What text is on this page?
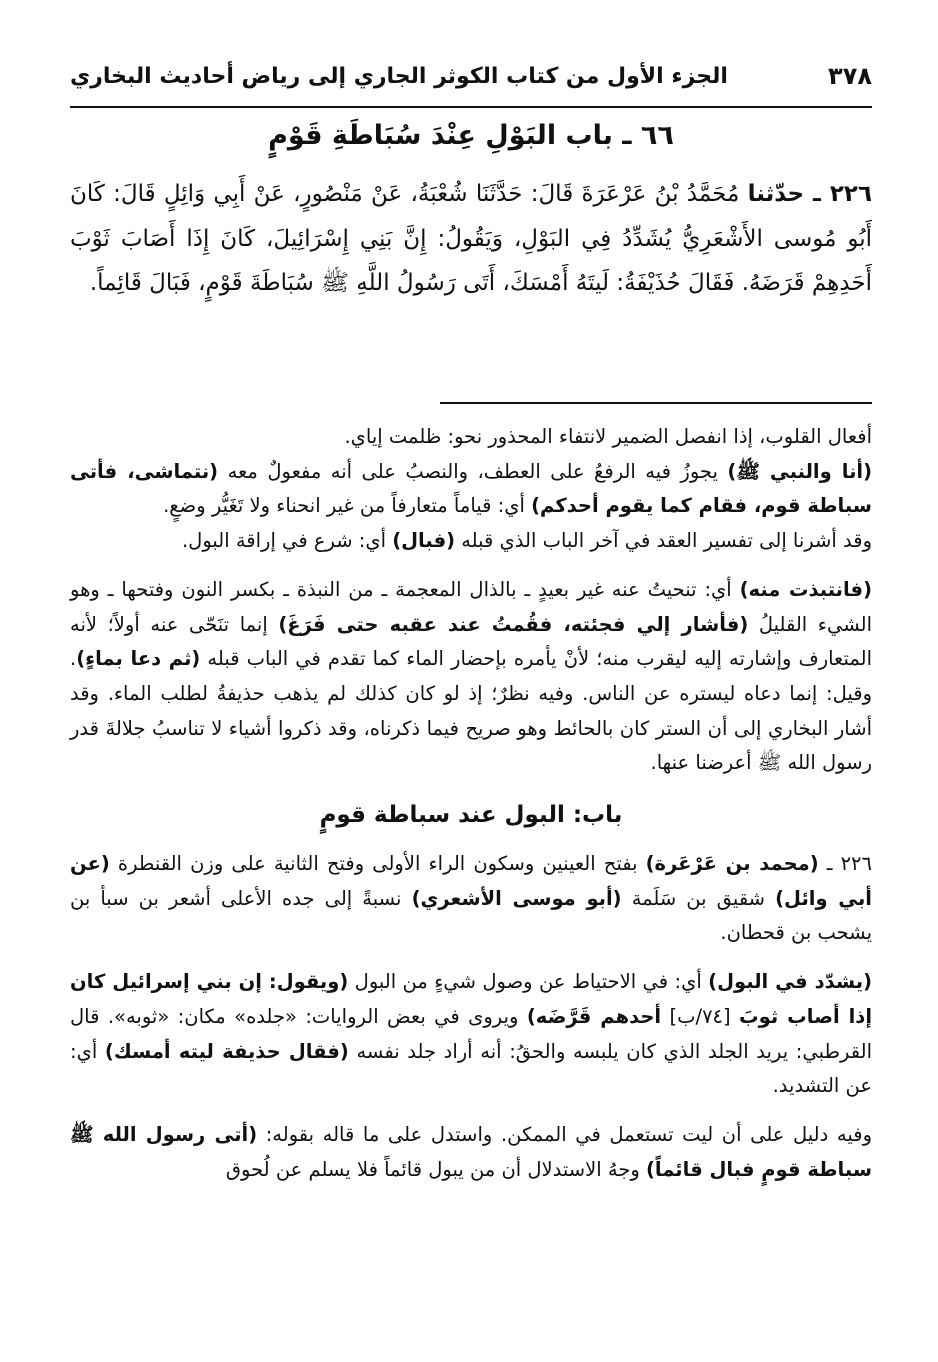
٣٧٨
الجزء الأول من كتاب الكوثر الجاري إلى رياض أحاديث البخاري
٦٦ ـ باب البَوْلِ عِنْدَ سُبَاطَةِ قَوْمٍ
٢٢٦ ـ حدّثنا مُحَمَّدُ بْنُ عَرْعَرَةَ قَالَ: حَدَّثَنَا شُعْبَةُ، عَنْ مَنْصُورٍ، عَنْ أَبِي وَائِلٍ قَالَ: كَانَ أَبُو مُوسى الأَشْعَرِيُّ يُشَدِّدُ فِي البَوْلِ، وَيَقُولُ: إِنَّ بَنِي إِسْرَائِيلَ، كَانَ إِذَا أَصَابَ ثَوْبَ أَحَدِهِمْ قَرَضَهُ. فَقَالَ حُذَيْفَةُ: لَيتَهُ أَمْسَكَ، أَتَى رَسُولُ اللَّهِ ﷺ سُبَاطَةَ قَوْمٍ، فَبَالَ قَائِماً.

أفعال القلوب، إذا انفصل الضمير لانتفاء المحذور نحو: ظلمت إياي.

(أنا والنبي ﷺ) يجوزُ فيه الرفعُ على العطف، والنصبُ على أنه مفعولٌ معه (نتماشى، فأتى سباطة قوم، فقام كما يقوم أحدكم) أي: قياماً متعارفاً من غير انحناء ولا تَغَيُّر وضعٍ.

وقد أشرنا إلى تفسير العقد في آخر الباب الذي قبله (فبال) أي: شرع في إراقة البول.

(فانتبذت منه) أي: تنحيتُ عنه غير بعيدٍ ـ بالذال المعجمة ـ من النبذة ـ بكسر النون وفتحها ـ وهو الشيء القليلُ (فأشار إلي فجئته، فقُمتُ عند عقبه حتى فَرَغَ) إنما تنَحّى عنه أولاً؛ لأنه المتعارف وإشارته إليه ليقرب منه؛ لأنْ يأمره بإحضار الماء كما تقدم في الباب قبله (ثم دعا بماءٍ). وقيل: إنما دعاه ليستره عن الناس. وفيه نظرٌ؛ إذ لو كان كذلك لم يذهب حذيفةُ لطلب الماء. وقد أشار البخاري إلى أن الستر كان بالحائط وهو صريح فيما ذكرناه، وقد ذكروا أشياء لا تناسبُ جلالةَ قدر رسول الله ﷺ أعرضنا عنها.

باب: البول عند سباطة قومٍ

٢٢٦ ـ (محمد بن عَرْعَرة) بفتح العينين وسكون الراء الأولى وفتح الثانية على وزن القنطرة (عن أبي وائل) شقيق بن سَلَمة (أبو موسى الأشعري) نسبةً إلى جده الأعلى أشعر بن سبأ بن يشحب بن قحطان.

(يشدّد في البول) أي: في الاحتياط عن وصول شيءٍ من البول (ويقول: إن بني إسرائيل كان إذا أصاب ثوبَ [٧٤/ب] أحدهم قَرَّضَه) ويروى في بعض الروايات: «جلده» مكان: «ثوبه». قال القرطبي: يريد الجلد الذي كان يلبسه والحقُ: أنه أراد جلد نفسه (فقال حذيفة ليته أمسك) أي: عن التشديد.

وفيه دليل على أن ليت تستعمل في الممكن. واستدل على ما قاله بقوله: (أتى رسول الله ﷺ سباطة قومٍ فبال قائماً) وجهُ الاستدلال أن من يبول قائماً فلا يسلم عن لُحوق
